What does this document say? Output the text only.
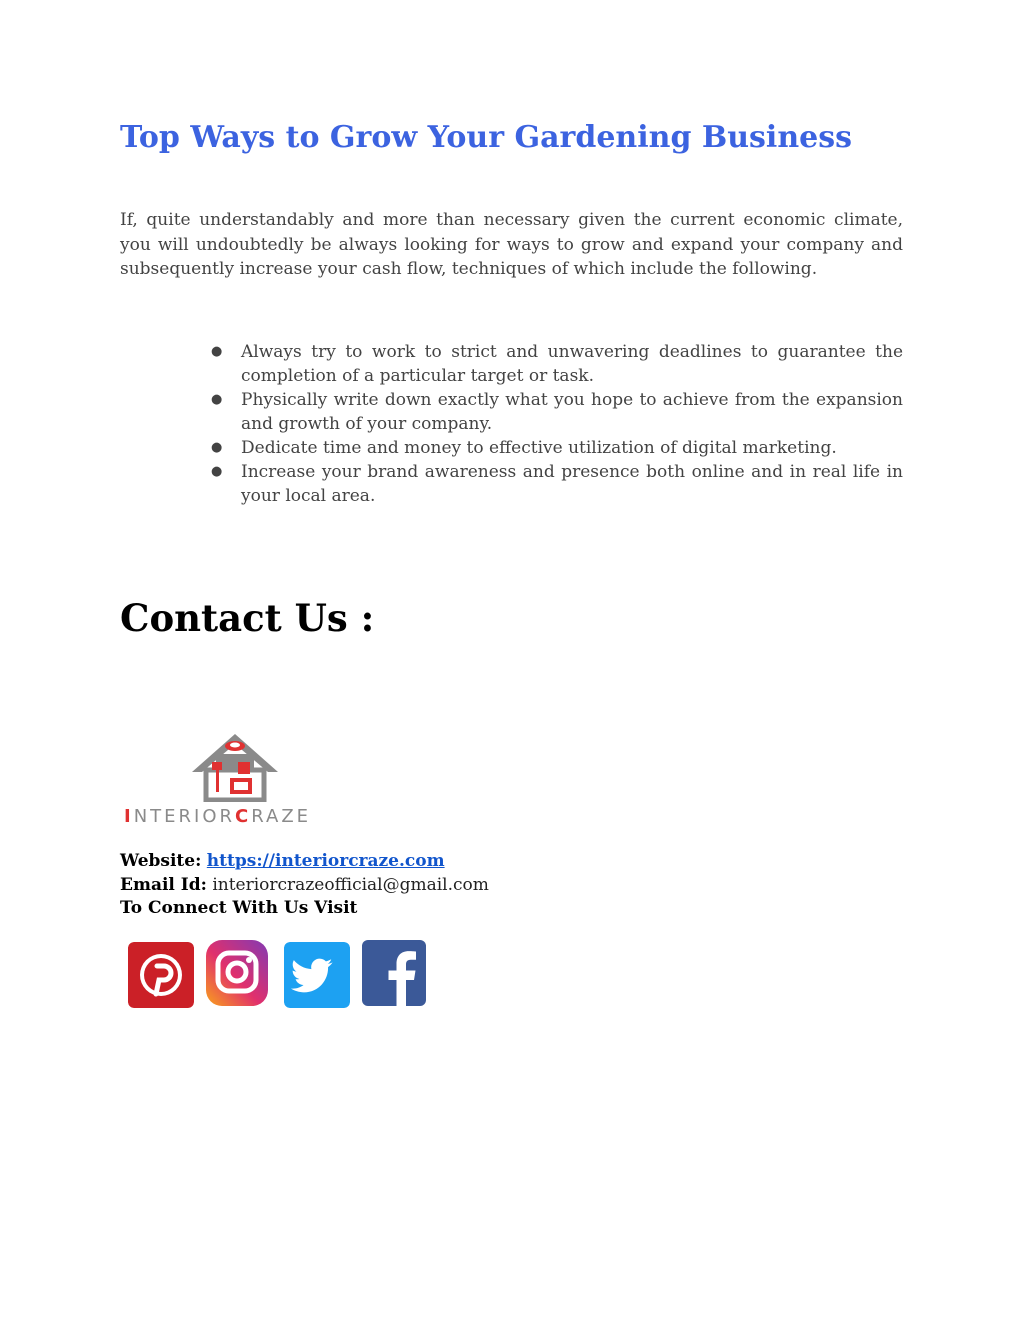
Top Ways to Grow Your Gardening Business

If, quite understandably and more than necessary given the current economic climate, you will undoubtedly be always looking for ways to grow and expand your company and subsequently increase your cash flow, techniques of which include the following.

● Always try to work to strict and unwavering deadlines to guarantee the completion of a particular target or task.
● Physically write down exactly what you hope to achieve from the expansion and growth of your company.
● Dedicate time and money to effective utilization of digital marketing.
● Increase your brand awareness and presence both online and in real life in your local area.
Contact Us :
INTERIORCRAZE
Website: https://interiorcraze.com
Email Id: interiorcrazeofficial@gmail.com
To Connect With Us Visit
